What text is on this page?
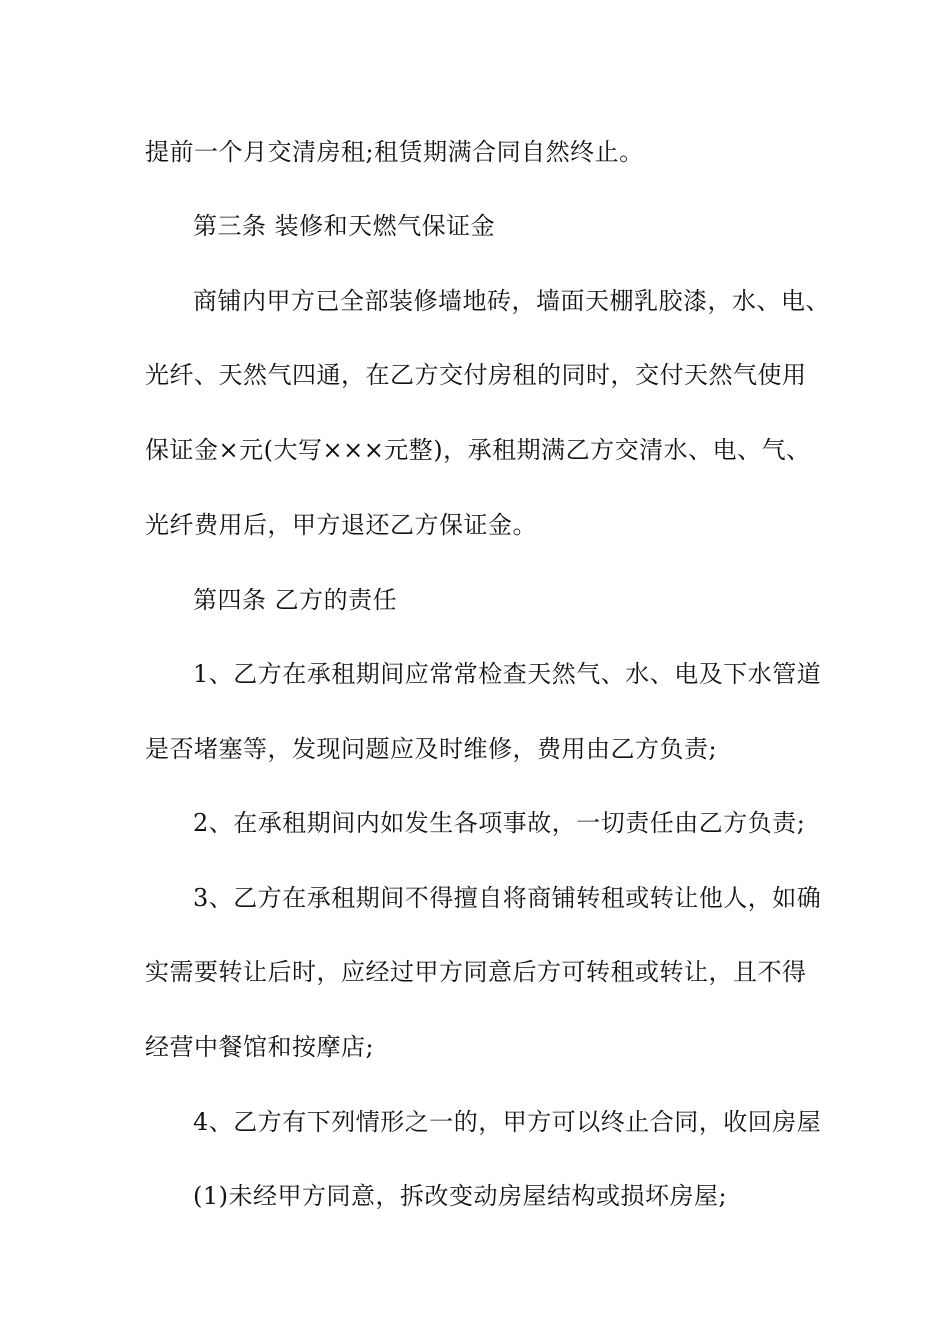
提前一个月交清房租;租赁期满合同自然终止。
第三条 装修和天燃气保证金
商铺内甲方已全部装修墙地砖，墙面天棚乳胶漆，水、电、
光纤、天然气四通，在乙方交付房租的同时，交付天然气使用
保证金×元(大写×××元整)，承租期满乙方交清水、电、气、
光纤费用后，甲方退还乙方保证金。
第四条 乙方的责任
1、乙方在承租期间应常常检查天然气、水、电及下水管道
是否堵塞等，发现问题应及时维修，费用由乙方负责;
2、在承租期间内如发生各项事故，一切责任由乙方负责;
3、乙方在承租期间不得擅自将商铺转租或转让他人，如确
实需要转让后时，应经过甲方同意后方可转租或转让，且不得
经营中餐馆和按摩店;
4、乙方有下列情形之一的，甲方可以终止合同，收回房屋
(1)未经甲方同意，拆改变动房屋结构或损坏房屋;
